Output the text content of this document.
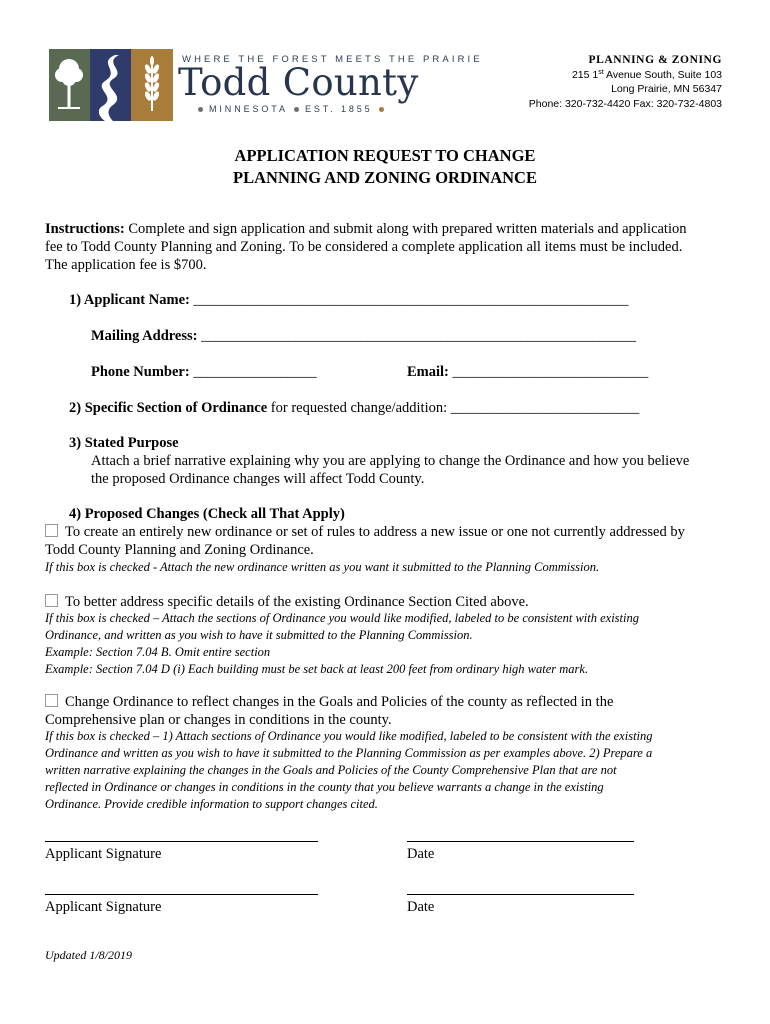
WHERE THE FOREST MEETS THE PRAIRIE
Todd County
MINNESOTA EST. 1855
PLANNING & ZONING
215 1st Avenue South, Suite 103
Long Prairie, MN 56347
Phone: 320-732-4420 Fax: 320-732-4803
APPLICATION REQUEST TO CHANGE
PLANNING AND ZONING ORDINANCE
Instructions: Complete and sign application and submit along with prepared written materials and application
fee to Todd County Planning and Zoning. To be considered a complete application all items must be included.
The application fee is $700.
1) Applicant Name: ____________________________________________________________
Mailing Address: ____________________________________________________________
Phone Number: _________________	Email: ___________________________
2) Specific Section of Ordinance for requested change/addition: __________________________
3) Stated Purpose
Attach a brief narrative explaining why you are applying to change the Ordinance and how you believe
the proposed Ordinance changes will affect Todd County.
4) Proposed Changes (Check all That Apply)
To create an entirely new ordinance or set of rules to address a new issue or one not currently addressed by
Todd County Planning and Zoning Ordinance.
If this box is checked - Attach the new ordinance written as you want it submitted to the Planning Commission.
To better address specific details of the existing Ordinance Section Cited above.
If this box is checked – Attach the sections of Ordinance you would like modified, labeled to be consistent with existing
Ordinance, and written as you wish to have it submitted to the Planning Commission.
Example: Section 7.04 B. Omit entire section
Example: Section 7.04 D (i) Each building must be set back at least 200 feet from ordinary high water mark.
Change Ordinance to reflect changes in the Goals and Policies of the county as reflected in the
Comprehensive plan or changes in conditions in the county.
If this box is checked – 1) Attach sections of Ordinance you would like modified, labeled to be consistent with the existing
Ordinance and written as you wish to have it submitted to the Planning Commission as per examples above. 2) Prepare a
written narrative explaining the changes in the Goals and Policies of the County Comprehensive Plan that are not
reflected in Ordinance or changes in conditions in the county that you believe warrants a change in the existing
Ordinance. Provide credible information to support changes cited.
Applicant Signature	Date
Applicant Signature	Date
Updated 1/8/2019
